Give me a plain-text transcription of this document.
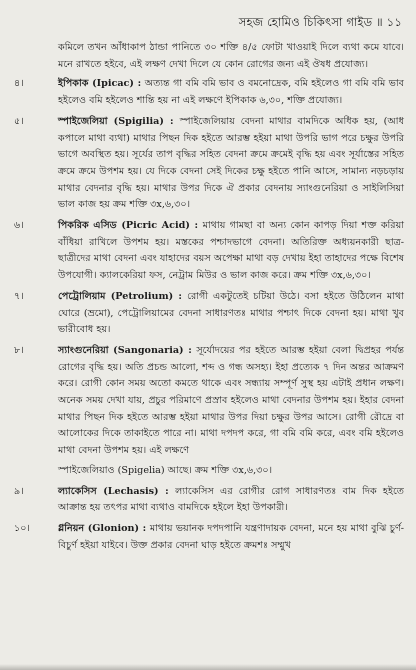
সহজ হোমিও চিকিৎসা গাইড ॥ ১১
কমিলে তখন আঁধাকাপ ঠান্ডা পানিতে ৩০ শক্তি ৪/৫ ফোটা খাওয়াই দিলে ব্যথা কমে যাবে। মনে রাখতে হইবে, এই লক্ষণ দেখা দিলে যে কোন রোগের জন্য এই ঔষধ প্রযোজ্য।
৪।	ইপিকাক (Ipicac) : অত্যন্ত গা বমি বমি ভাব ও বমনোদ্রেক, বমি হইলেও গা বমি বমি ভাব হইলেও বমি হইলেও শান্তি হয় না এই লক্ষণে ইপিকাক ৬,৩০, শক্তি প্রযোজ্য।

৫।	স্পাইজেলিয়া (Spigilia) : স্পাইজেলিয়ায় বেদনা মাথার বামদিকে অধিক হয়, (আধ কপালে মাথা ব্যথা) মাথার পিছন দিক হইতে আরম্ভ হইয়া মাথা উপরি ভাগ পরে চক্ষুর উপরি ভাগে অবস্থিত হয়। সূর্যের তাপ বৃদ্ধির সহিত বেদনা ক্রমে ক্রমেই বৃদ্ধি হয় এবং সূর্যাস্তের সহিত ক্রমে ক্রমে উপশম হয়। যে দিকে বেদনা সেই দিকের চক্ষু হইতে পানি আসে, সামান্য নড়চড়ায় মাথার বেদনার বৃদ্ধি হয়। মাথার উপর দিকে ঐ প্রকার বেদনায় স্যাংগুনেরিয়া ও সাইলিসিয়া ভাল কাজ হয় ক্রম শক্তি ৩x,৬,৩০।

৬।	পিকরিক এসিড (Picric Acid) : মাথায় গামছা বা অন্য কোন কাপড় দিয়া শক্ত করিয়া বাঁধিয়া রাখিলে উপশম হয়। মস্তকের পশ্চাদভাগে বেদনা। অতিরিক্ত অধ্যয়নকারী ছাত্র-ছাত্রীদের মাথা বেদনা এবং যাহাদের বয়স অপেক্ষা মাথা বড় দেখায় ইহা তাহাদের পক্ষে বিশেষ উপযোগী। ক্যালকেরিয়া ফস, নেট্রাম মিউর ও ভাল কাজ করে। ক্রম শক্তি ৩x,৬,৩০।

৭।	পেট্রোলিয়াম (Petrolium) : রোগী একটুতেই চটিয়া উঠে। বসা হইতে উঠিলেন মাথা ঘোরে (ভ্রমো), পেট্রোলিয়ামের বেদনা সাধারণতঃ মাথার পশ্চাৎ দিকে বেদনা হয়। মাথা খুব ভারীবোধ হয়।

৮।	স্যাংগুনেরিয়া (Sangonaria) : সূর্যোদয়ের পর হইতে আরম্ভ হইয়া বেলা দ্বিপ্রহর পর্যন্ত রোগের বৃদ্ধি হয়। অতি প্রচন্ড আলো, শব্দ ও গন্ধ অসহ্য। ইহা প্রত্যেক ৭ দিন অন্তর আক্রমণ করে। রোগী কোন সময় অতো কমতে থাকে এবং সন্ধ্যায় সম্পূর্ণ সুস্থ হয় এটাই প্রধান লক্ষণ। অনেক সময় দেখা যায়, প্রচুর পরিমাণে প্রস্রাব হইলেও মাথা বেদনার উপশম হয়। ইহার বেদনা মাথার পিছন দিক হইতে আরম্ভ হইয়া মাথার উপর দিয়া চক্ষুর উপর আসে। রোগী রৌদ্রে বা আলোকের দিকে তাকাইতে পারে না। মাথা দপদপ করে, গা বমি বমি করে, এবং বমি হইলেও মাথা বেদনা উপশম হয়। এই লক্ষণে

স্পাইজেলিয়াও (Spigelia) আছে। ক্রম শক্তি ৩x,৬,৩০।

৯।	ল্যাকেসিস (Lechasis) : ল্যাকেসিস এর রোগীর রোগ সাধারণতঃ বাম দিক হইতে আক্রান্ত হয় তৎপর মাথা ব্যথাও বামদিকে হইলে ইহা উপকারী।

১০।	গ্লনিয়ন (Glonion) : মাথায় ভয়ানক দপদপানি যন্ত্রণাদায়ক বেদনা, মনে হয় মাথা বুঝি চুর্ণ-বিচুর্ণ হইয়া যাইবে। উক্ত প্রকার বেদনা ঘাড় হইতে ক্রমশঃ সম্মুখ
